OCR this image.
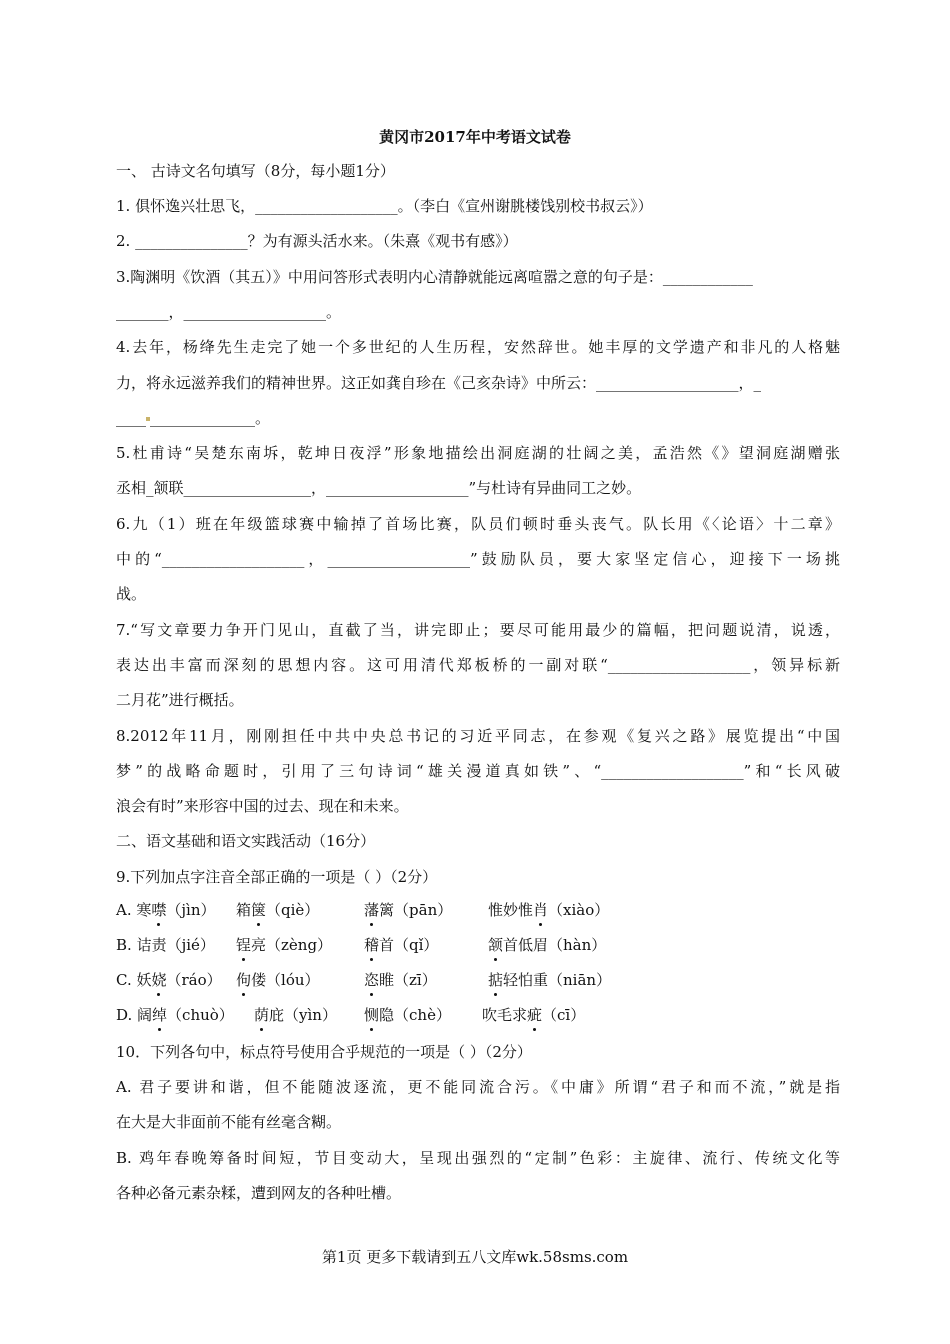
黄冈市2017年中考语文试卷
一、 古诗文名句填写（8分，每小题1分）
1. 俱怀逸兴壮思飞，___________________。（李白《宣州谢朓楼饯别校书叔云》）
2. _______________？为有源头活水来。（朱熹《观书有感》）
3.陶渊明《饮酒（其五）》中用问答形式表明内心清静就能远离喧嚣之意的句子是：____________
_______，___________________。
4.去年，杨绛先生走完了她一个多世纪的人生历程，安然辞世。她丰厚的文学遗产和非凡的人格魅
力，将永远滋养我们的精神世界。这正如龚自珍在《己亥杂诗》中所云：___________________，_
____ ______________。
5.杜甫诗“吴楚东南坼，乾坤日夜浮”形象地描绘出洞庭湖的壮阔之美，孟浩然《》望洞庭湖赠张
丞相_颔联_________________，___________________”与杜诗有异曲同工之妙。
6.九（1）班在年级篮球赛中输掉了首场比赛，队员们顿时垂头丧气。队长用《〈论语〉十二章》
中的“___________________，___________________”鼓励队员，要大家坚定信心，迎接下一场挑
战。
7.“写文章要力争开门见山，直截了当，讲完即止；要尽可能用最少的篇幅，把问题说清，说透，
表达出丰富而深刻的思想内容。这可用清代郑板桥的一副对联“___________________，领异标新
二月花”进行概括。
8.2012年11月，刚刚担任中共中央总书记的习近平同志，在参观《复兴之路》展览提出“中国
梦”的战略命题时，引用了三句诗词“雄关漫道真如铁”、“___________________”和“长风破
浪会有时”来形容中国的过去、现在和未来。
二、语文基础和语文实践活动（16分）
9.下列加点字注音全部正确的一项是（ ）（2分）
A. 寒噤（jìn） 箱箧（qiè）	藩篱（pān） 惟妙惟肖（xiào）
B. 诘责（jié） 锃亮（zèng） 稽首（qǐ）	颔首低眉（hàn）
C. 妖娆（ráo） 佝偻（lóu）	恣睢（zī）	掂轻怕重（niān）
D. 阔绰（chuò） 荫庇（yìn） 恻隐（chè） 吹毛求疵（cī）
10．下列各句中，标点符号使用合乎规范的一项是（ ）（2分）
A. 君子要讲和谐，但不能随波逐流，更不能同流合污。《中庸》所谓“君子和而不流，”就是指
在大是大非面前不能有丝毫含糊。
B. 鸡年春晚筹备时间短，节目变动大，呈现出强烈的“定制”色彩：主旋律、流行、传统文化等
各种必备元素杂糅，遭到网友的各种吐槽。
第1页 更多下载请到五八文库wk.58sms.com
